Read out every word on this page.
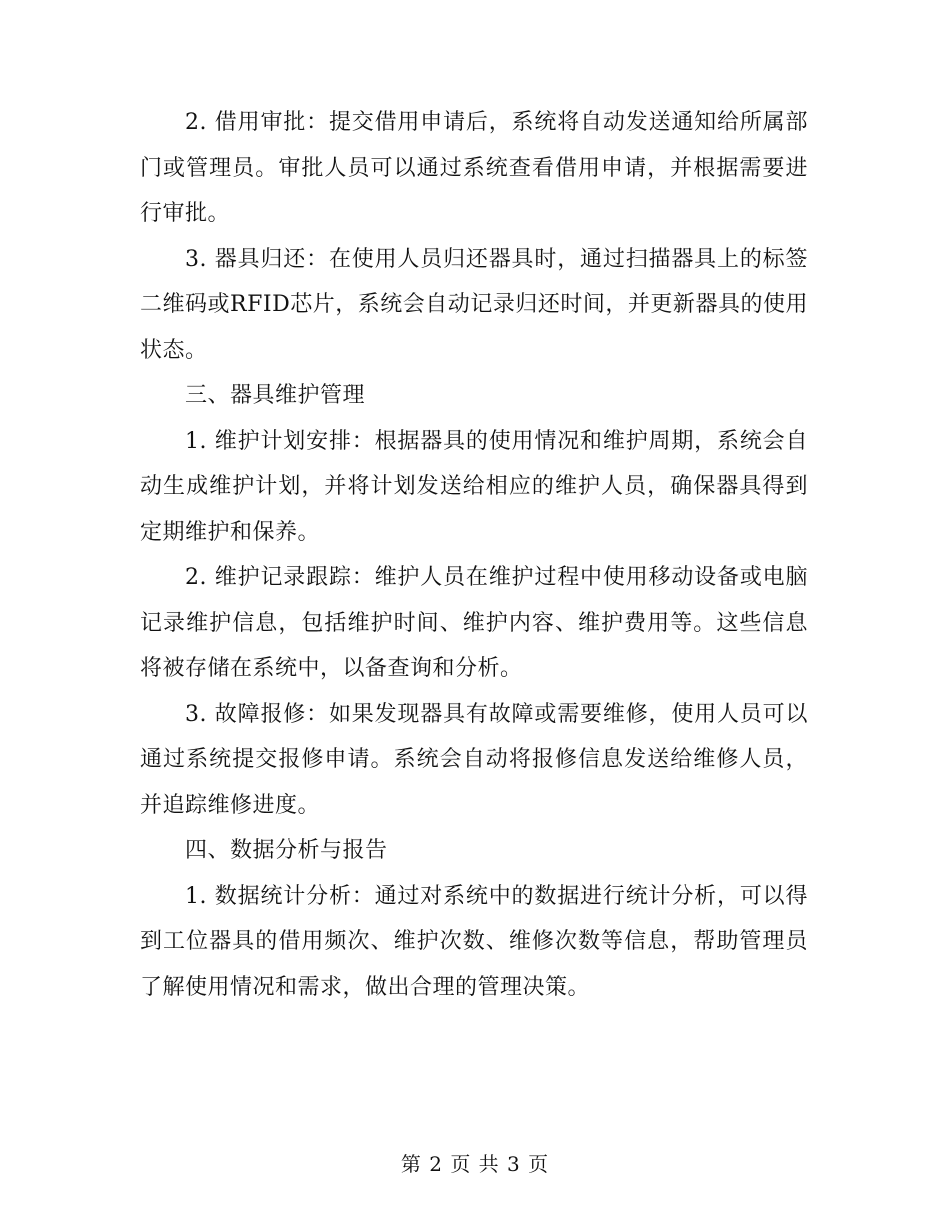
2. 借用审批：提交借用申请后，系统将自动发送通知给所属部门或管理员。审批人员可以通过系统查看借用申请，并根据需要进行审批。

3. 器具归还：在使用人员归还器具时，通过扫描器具上的标签二维码或RFID芯片，系统会自动记录归还时间，并更新器具的使用状态。

三、器具维护管理

1. 维护计划安排：根据器具的使用情况和维护周期，系统会自动生成维护计划，并将计划发送给相应的维护人员，确保器具得到定期维护和保养。

2. 维护记录跟踪：维护人员在维护过程中使用移动设备或电脑记录维护信息，包括维护时间、维护内容、维护费用等。这些信息将被存储在系统中，以备查询和分析。

3. 故障报修：如果发现器具有故障或需要维修，使用人员可以通过系统提交报修申请。系统会自动将报修信息发送给维修人员，并追踪维修进度。

四、数据分析与报告

1. 数据统计分析：通过对系统中的数据进行统计分析，可以得到工位器具的借用频次、维护次数、维修次数等信息，帮助管理员了解使用情况和需求，做出合理的管理决策。

第 2 页 共 3 页
